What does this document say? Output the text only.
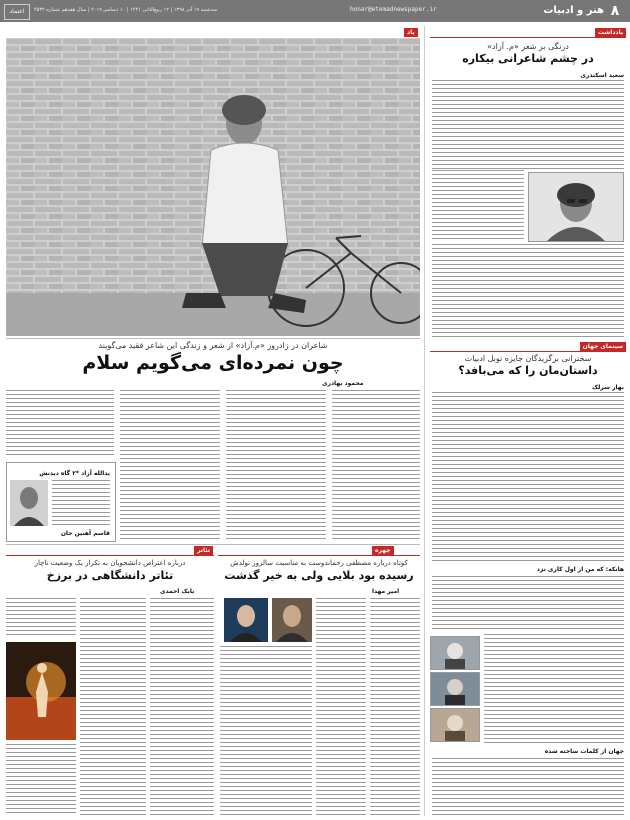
۸
هنر و ادبیات
honar@etemadnewspaper.ir
سه‌شنبه ۱۹ آذر ۱۳۹۸ | ۱۲ ربیع‌الثانی ۱۴۴۱ | ۱۰ دسامبر ۲۰۱۹ | سال هفدهم شماره ۴۵۳۲
اعتماد
یادداشت
درنگی بر شعر «م. آزاد»
در چشم شاعرانی بیکاره
سعید اسکندری
سینمای جهان
سخنرانی برگزیدگان جایزه نوبل ادبیات
داستان‌مان را که می‌بافد؟
بهار سرلک
هانکه: که من از اول کاری نزد
جهان از کلمات ساخته شده
یاد
شاعران در زادروز «م.آزاد» از شعر و زندگی این شاعر فقید می‌گویند
چون نمرده‌ای می‌گویم سلام
محمود بهادری
یدالله آزاد *۲ گاه دیدنش
قاسم آهنین جان
چهره
کوتاه درباره مصطفی رحماندوست به مناسبت سالروز تولدش
رسیده بود بلایی ولی به خیر گذشت
امیر مهدا
تئاتر
درباره اعتراض دانشجویان به تکرار یک وضعیت ناچار
تئاتر دانشگاهی در برزخ
بابک احمدی
